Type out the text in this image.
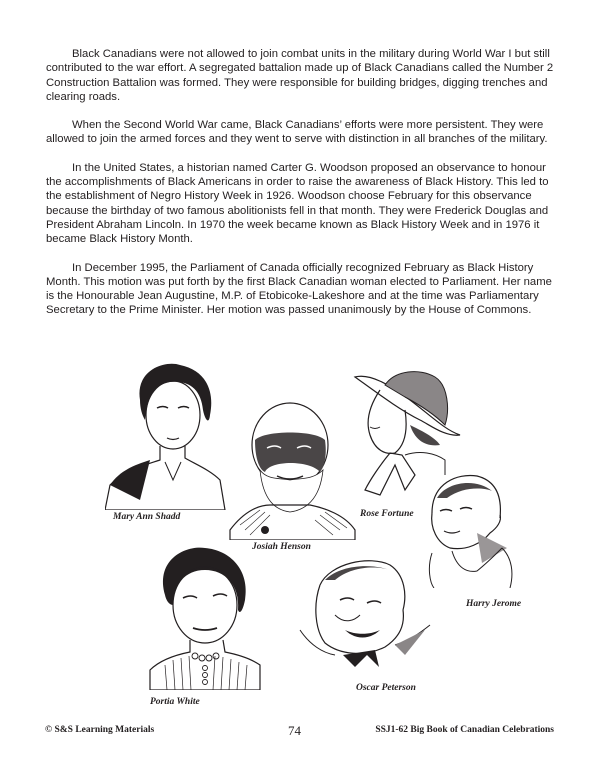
Black Canadians were not allowed to join combat units in the military during World War I but still contributed to the war effort. A segregated battalion made up of Black Canadians called the Number 2 Construction Battalion was formed. They were responsible for building bridges, digging trenches and clearing roads.

When the Second World War came, Black Canadians’ efforts were more persistent. They were allowed to join the armed forces and they went to serve with distinction in all branches of the military.

In the United States, a historian named Carter G. Woodson proposed an observance to honour the accomplishments of Black Americans in order to raise the awareness of Black History. This led to the establishment of Negro History Week in 1926. Woodson choose February for this observance because the birthday of two famous abolitionists fell in that month. They were Frederick Douglas and President Abraham Lincoln. In 1970 the week became known as Black History Week and in 1976 it became Black History Month.

In December 1995, the Parliament of Canada officially recognized February as Black History Month. This motion was put forth by the first Black Canadian woman elected to Parliament. Her name is the Honourable Jean Augustine, M.P. of Etobicoke-Lakeshore and at the time was Parliamentary Secretary to the Prime Minister. Her motion was passed unanimously by the House of Commons.

Mary Ann Shadd
Josiah Henson
Rose Fortune
Harry Jerome
Portia White
Oscar Peterson
© S&S Learning Materials	74	SSJ1-62 Big Book of Canadian Celebrations
